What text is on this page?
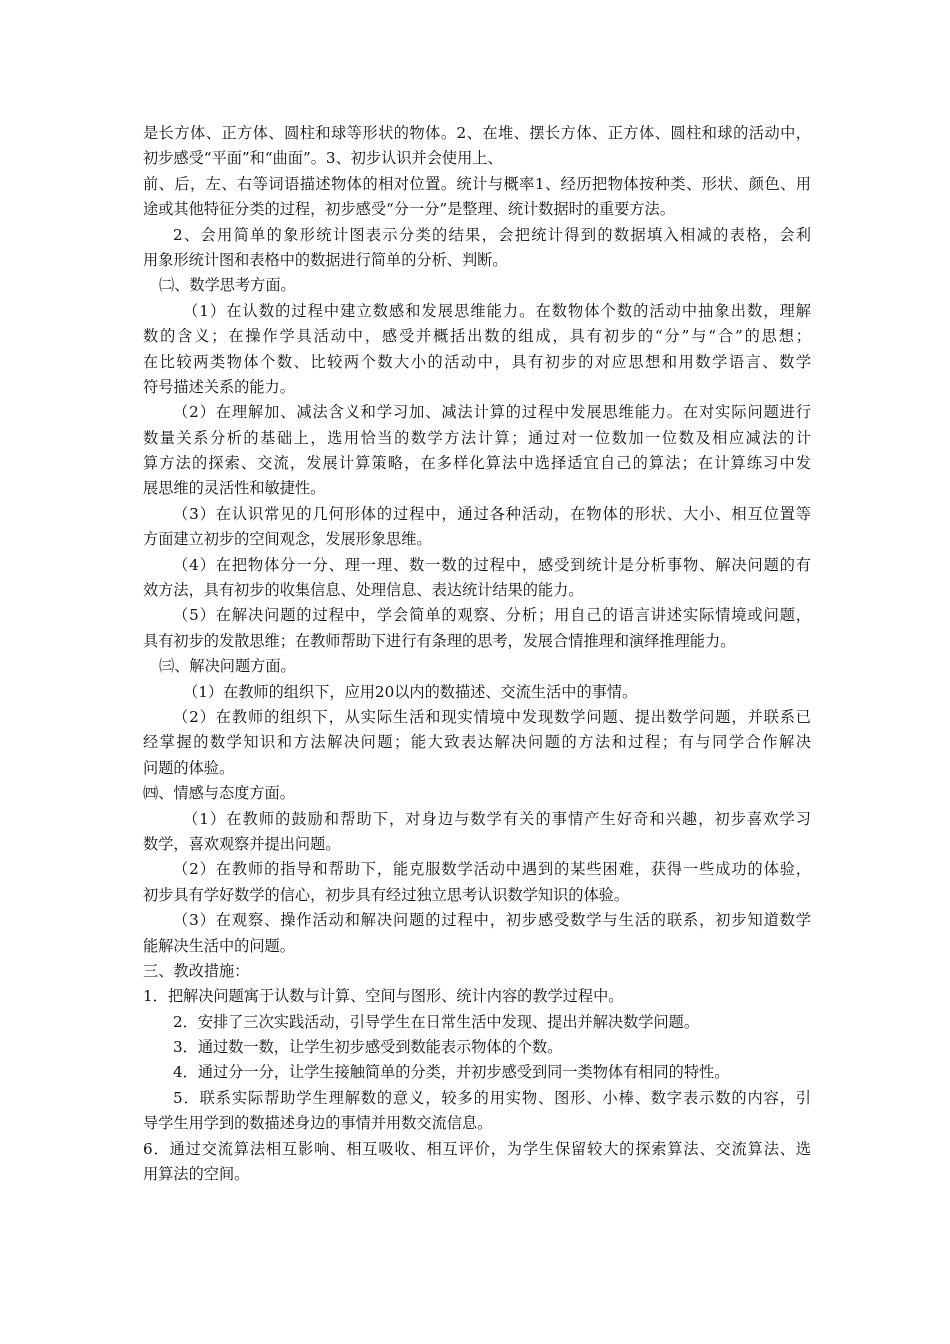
是长方体、正方体、圆柱和球等形状的物体。2、在堆、摆长方体、正方体、圆柱和球的活动中，
初步感受“平面”和“曲面”。3、初步认识并会使用上、
前、后，左、右等词语描述物体的相对位置。统计与概率1、经历把物体按种类、形状、颜色、用
途或其他特征分类的过程，初步感受“分一分”是整理、统计数据时的重要方法。
2、会用简单的象形统计图表示分类的结果，会把统计得到的数据填入相减的表格，会利
用象形统计图和表格中的数据进行简单的分析、判断。
㈡、数学思考方面。
（1）在认数的过程中建立数感和发展思维能力。在数物体个数的活动中抽象出数，理解
数的含义；在操作学具活动中，感受并概括出数的组成，具有初步的“分”与“合”的思想；
在比较两类物体个数、比较两个数大小的活动中，具有初步的对应思想和用数学语言、数学
符号描述关系的能力。
（2）在理解加、减法含义和学习加、减法计算的过程中发展思维能力。在对实际问题进行
数量关系分析的基础上，选用恰当的数学方法计算；通过对一位数加一位数及相应减法的计
算方法的探索、交流，发展计算策略，在多样化算法中选择适宜自己的算法；在计算练习中发
展思维的灵活性和敏捷性。
（3）在认识常见的几何形体的过程中，通过各种活动，在物体的形状、大小、相互位置等
方面建立初步的空间观念，发展形象思维。
（4）在把物体分一分、理一理、数一数的过程中，感受到统计是分析事物、解决问题的有
效方法，具有初步的收集信息、处理信息、表达统计结果的能力。
（5）在解决问题的过程中，学会简单的观察、分析；用自己的语言讲述实际情境或问题，
具有初步的发散思维；在教师帮助下进行有条理的思考，发展合情推理和演绎推理能力。
㈢、解决问题方面。
（1）在教师的组织下，应用20以内的数描述、交流生活中的事情。
（2）在教师的组织下，从实际生活和现实情境中发现数学问题、提出数学问题，并联系已
经掌握的数学知识和方法解决问题；能大致表达解决问题的方法和过程；有与同学合作解决
问题的体验。
㈣、情感与态度方面。
（1）在教师的鼓励和帮助下，对身边与数学有关的事情产生好奇和兴趣，初步喜欢学习
数学，喜欢观察并提出问题。
（2）在教师的指导和帮助下，能克服数学活动中遇到的某些困难，获得一些成功的体验，
初步具有学好数学的信心，初步具有经过独立思考认识数学知识的体验。
（3）在观察、操作活动和解决问题的过程中，初步感受数学与生活的联系，初步知道数学
能解决生活中的问题。
三、教改措施：
1．把解决问题寓于认数与计算、空间与图形、统计内容的教学过程中。
2．安排了三次实践活动，引导学生在日常生活中发现、提出并解决数学问题。
3．通过数一数，让学生初步感受到数能表示物体的个数。
4．通过分一分，让学生接触简单的分类，并初步感受到同一类物体有相同的特性。
5．联系实际帮助学生理解数的意义，较多的用实物、图形、小棒、数字表示数的内容，引
导学生用学到的数描述身边的事情并用数交流信息。
6．通过交流算法相互影响、相互吸收、相互评价，为学生保留较大的探索算法、交流算法、选
用算法的空间。
